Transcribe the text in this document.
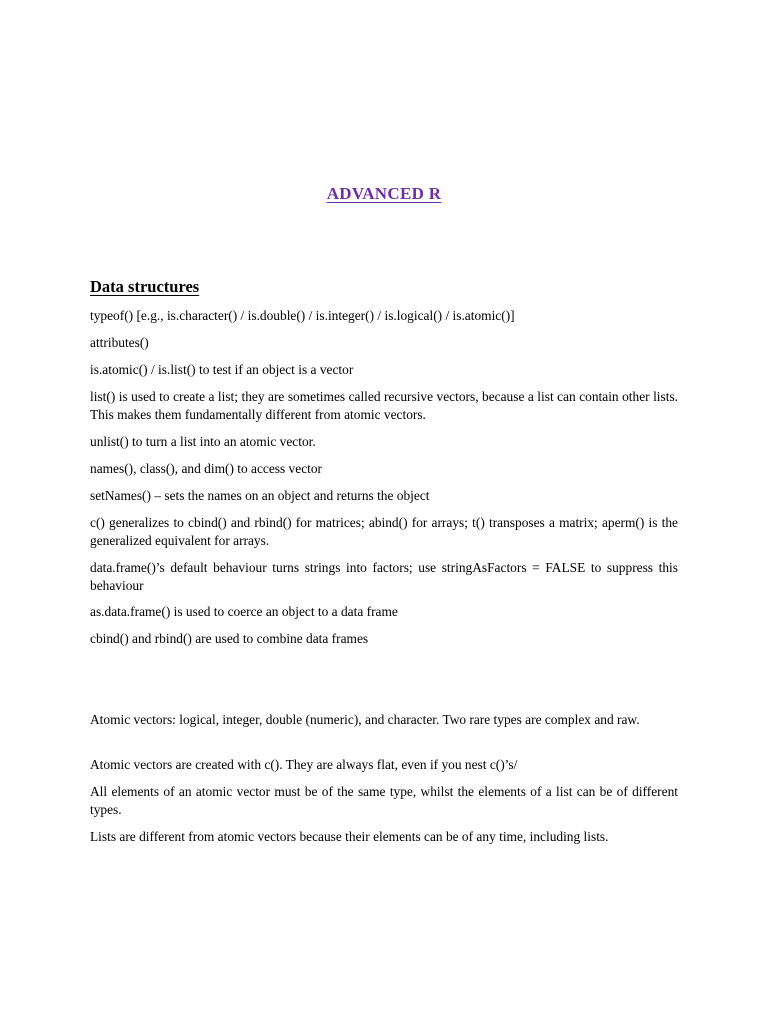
ADVANCED R
Data structures

typeof() [e.g., is.character() / is.double() / is.integer() / is.logical() / is.atomic()]

attributes()

is.atomic() / is.list() to test if an object is a vector

list() is used to create a list; they are sometimes called recursive vectors, because a list can contain other lists. This makes them fundamentally different from atomic vectors.

unlist() to turn a list into an atomic vector.

names(), class(), and dim() to access vector

setNames() – sets the names on an object and returns the object

c() generalizes to cbind() and rbind() for matrices; abind() for arrays; t() transposes a matrix; aperm() is the generalized equivalent for arrays.

data.frame()’s default behaviour turns strings into factors; use stringAsFactors = FALSE to suppress this behaviour

as.data.frame() is used to coerce an object to a data frame

cbind() and rbind() are used to combine data frames

Atomic vectors: logical, integer, double (numeric), and character. Two rare types are complex and raw.

Atomic vectors are created with c(). They are always flat, even if you nest c()’s/

All elements of an atomic vector must be of the same type, whilst the elements of a list can be of different types.

Lists are different from atomic vectors because their elements can be of any time, including lists.
